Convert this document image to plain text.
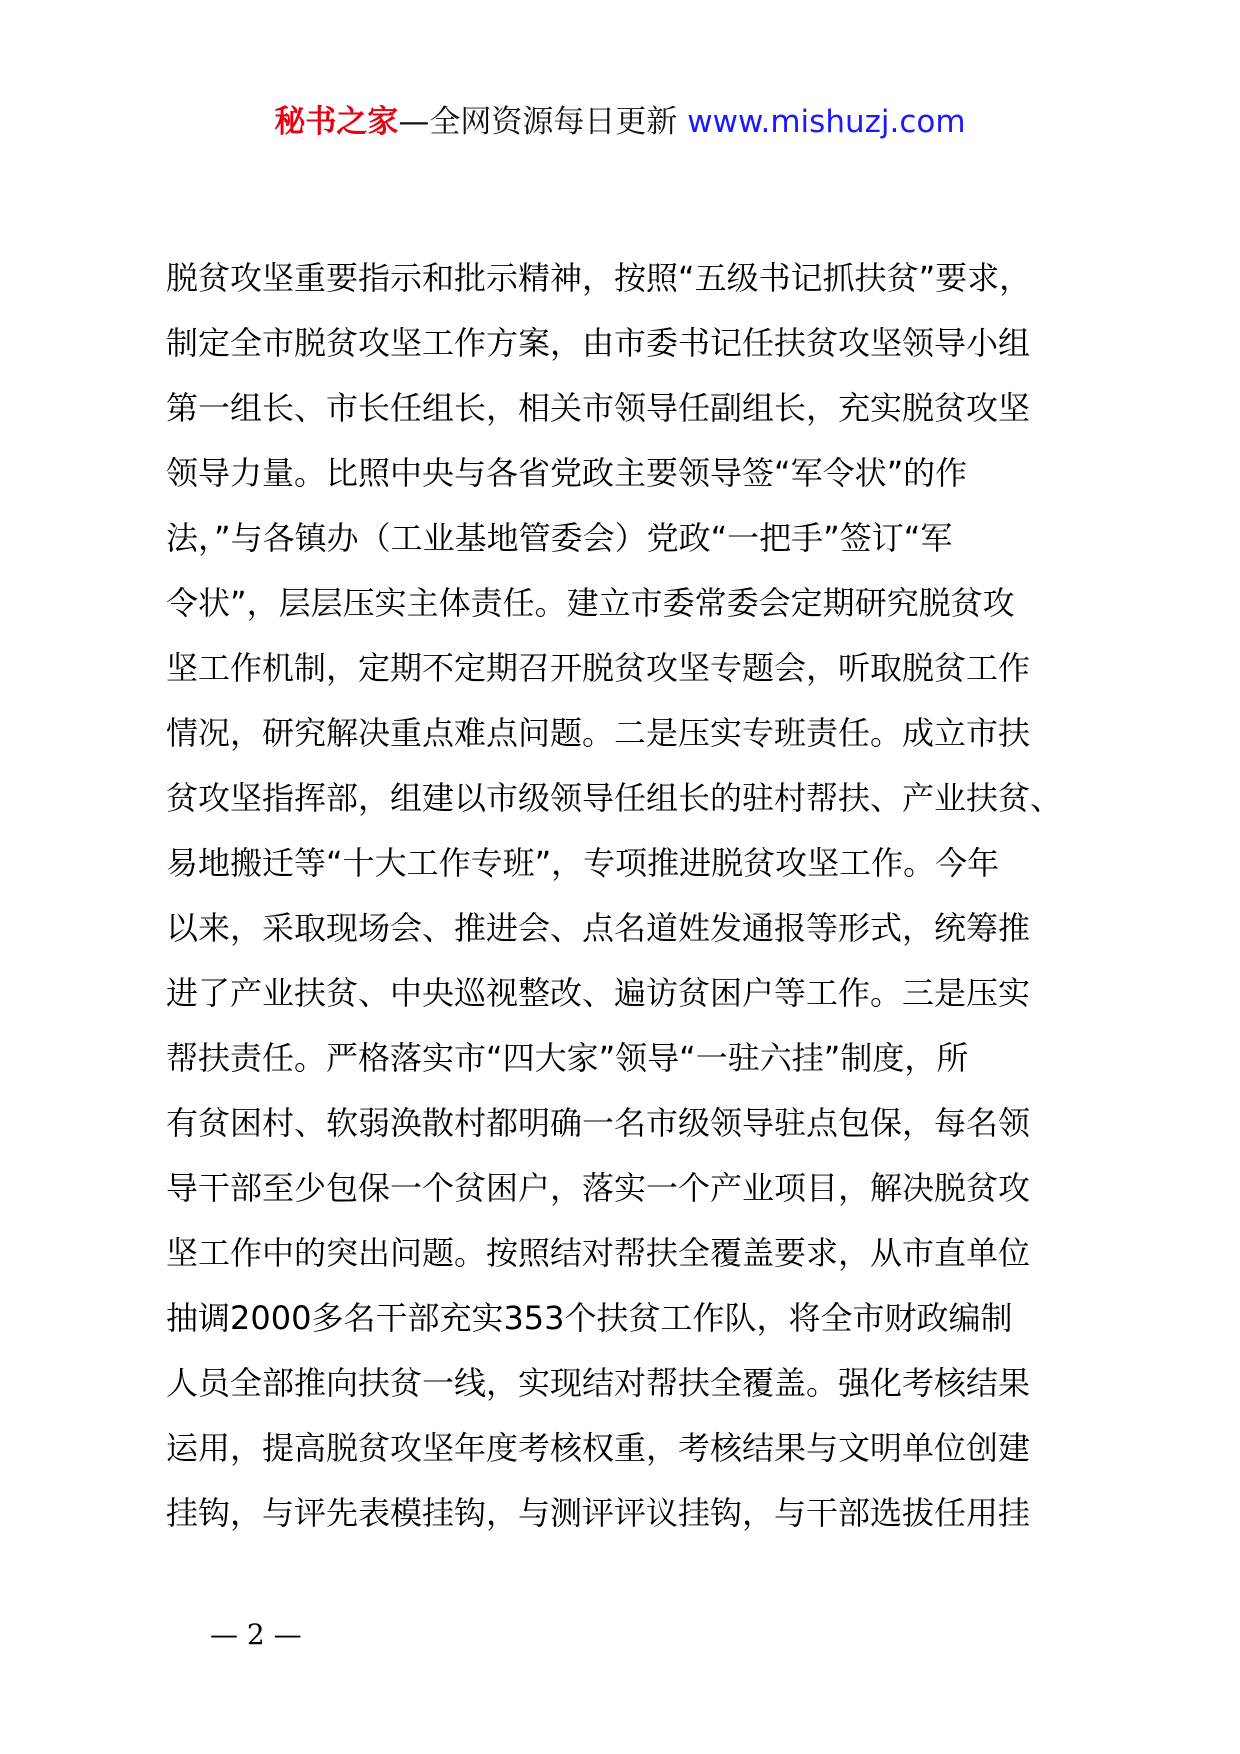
秘书之家—全网资源每日更新 www.mishuzj.com
脱贫攻坚重要指示和批示精神，按照“五级书记抓扶贫”要求，
制定全市脱贫攻坚工作方案，由市委书记任扶贫攻坚领导小组
第一组长、市长任组长，相关市领导任副组长，充实脱贫攻坚
领导力量。比照中央与各省党政主要领导签“军令状”的作
法，”与各镇办（工业基地管委会）党政“一把手”签订“军
令状”，层层压实主体责任。建立市委常委会定期研究脱贫攻
坚工作机制，定期不定期召开脱贫攻坚专题会，听取脱贫工作
情况，研究解决重点难点问题。二是压实专班责任。成立市扶
贫攻坚指挥部，组建以市级领导任组长的驻村帮扶、产业扶贫、
易地搬迁等“十大工作专班”，专项推进脱贫攻坚工作。今年
以来，采取现场会、推进会、点名道姓发通报等形式，统筹推
进了产业扶贫、中央巡视整改、遍访贫困户等工作。三是压实
帮扶责任。严格落实市“四大家”领导“一驻六挂”制度，所
有贫困村、软弱涣散村都明确一名市级领导驻点包保，每名领
导干部至少包保一个贫困户，落实一个产业项目，解决脱贫攻
坚工作中的突出问题。按照结对帮扶全覆盖要求，从市直单位
抽调2000多名干部充实353个扶贫工作队，将全市财政编制
人员全部推向扶贫一线，实现结对帮扶全覆盖。强化考核结果
运用，提高脱贫攻坚年度考核权重，考核结果与文明单位创建
挂钩，与评先表模挂钩，与测评评议挂钩，与干部选拔任用挂
— 2 —
